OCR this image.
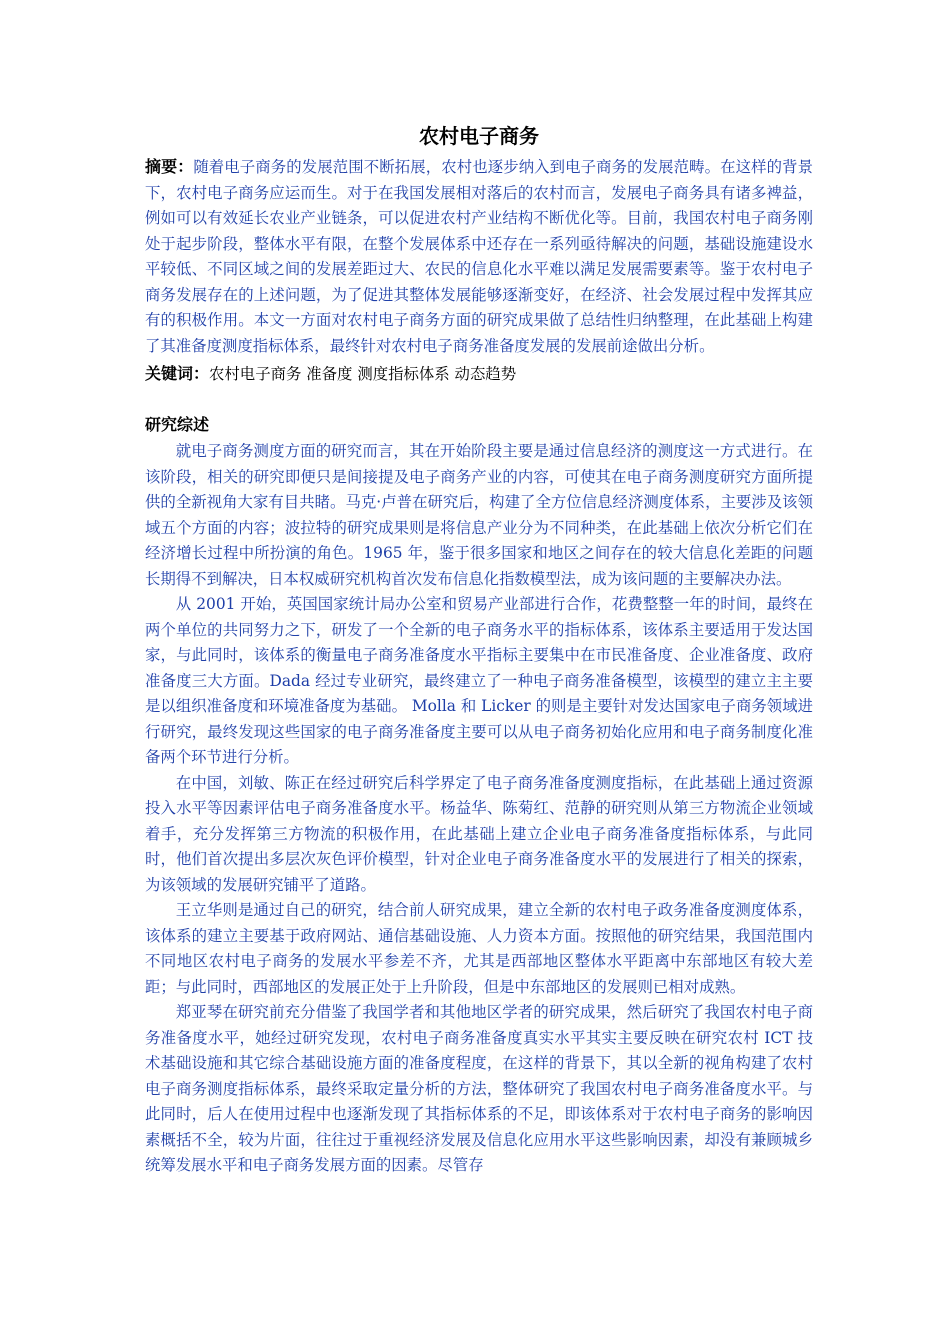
农村电子商务

摘要：随着电子商务的发展范围不断拓展，农村也逐步纳入到电子商务的发展范畴。在这样的背景下，农村电子商务应运而生。对于在我国发展相对落后的农村而言，发展电子商务具有诸多裨益，例如可以有效延长农业产业链条，可以促进农村产业结构不断优化等。目前，我国农村电子商务刚处于起步阶段，整体水平有限，在整个发展体系中还存在一系列亟待解决的问题，基础设施建设水平较低、不同区域之间的发展差距过大、农民的信息化水平难以满足发展需要素等。鉴于农村电子商务发展存在的上述问题，为了促进其整体发展能够逐渐变好，在经济、社会发展过程中发挥其应有的积极作用。本文一方面对农村电子商务方面的研究成果做了总结性归纳整理，在此基础上构建了其准备度测度指标体系，最终针对农村电子商务准备度发展的发展前途做出分析。

关键词：农村电子商务 准备度 测度指标体系 动态趋势

研究综述

就电子商务测度方面的研究而言，其在开始阶段主要是通过信息经济的测度这一方式进行。在该阶段，相关的研究即便只是间接提及电子商务产业的内容，可使其在电子商务测度研究方面所提供的全新视角大家有目共睹。马克·卢普在研究后，构建了全方位信息经济测度体系，主要涉及该领域五个方面的内容；波拉特的研究成果则是将信息产业分为不同种类，在此基础上依次分析它们在经济增长过程中所扮演的角色。1965 年，鉴于很多国家和地区之间存在的较大信息化差距的问题长期得不到解决，日本权威研究机构首次发布信息化指数模型法，成为该问题的主要解决办法。

从 2001 开始，英国国家统计局办公室和贸易产业部进行合作，花费整整一年的时间，最终在两个单位的共同努力之下，研发了一个全新的电子商务水平的指标体系，该体系主要适用于发达国家，与此同时，该体系的衡量电子商务准备度水平指标主要集中在市民准备度、企业准备度、政府准备度三大方面。Dada 经过专业研究，最终建立了一种电子商务准备模型，该模型的建立主主要是以组织准备度和环境准备度为基础。 Molla 和 Licker 的则是主要针对发达国家电子商务领域进行研究，最终发现这些国家的电子商务准备度主要可以从电子商务初始化应用和电子商务制度化准备两个环节进行分析。

在中国，刘敏、陈正在经过研究后科学界定了电子商务准备度测度指标，在此基础上通过资源投入水平等因素评估电子商务准备度水平。杨益华、陈菊红、范静的研究则从第三方物流企业领域着手，充分发挥第三方物流的积极作用，在此基础上建立企业电子商务准备度指标体系，与此同时，他们首次提出多层次灰色评价模型，针对企业电子商务准备度水平的发展进行了相关的探索，为该领域的发展研究铺平了道路。

王立华则是通过自己的研究，结合前人研究成果，建立全新的农村电子政务准备度测度体系，该体系的建立主要基于政府网站、通信基础设施、人力资本方面。按照他的研究结果，我国范围内不同地区农村电子商务的发展水平参差不齐，尤其是西部地区整体水平距离中东部地区有较大差距；与此同时，西部地区的发展正处于上升阶段，但是中东部地区的发展则已相对成熟。

郑亚琴在研究前充分借鉴了我国学者和其他地区学者的研究成果，然后研究了我国农村电子商务准备度水平，她经过研究发现，农村电子商务准备度真实水平其实主要反映在研究农村 ICT 技术基础设施和其它综合基础设施方面的准备度程度，在这样的背景下，其以全新的视角构建了农村电子商务测度指标体系，最终采取定量分析的方法，整体研究了我国农村电子商务准备度水平。与此同时，后人在使用过程中也逐渐发现了其指标体系的不足，即该体系对于农村电子商务的影响因素概括不全，较为片面，往往过于重视经济发展及信息化应用水平这些影响因素，却没有兼顾城乡统筹发展水平和电子商务发展方面的因素。尽管存
